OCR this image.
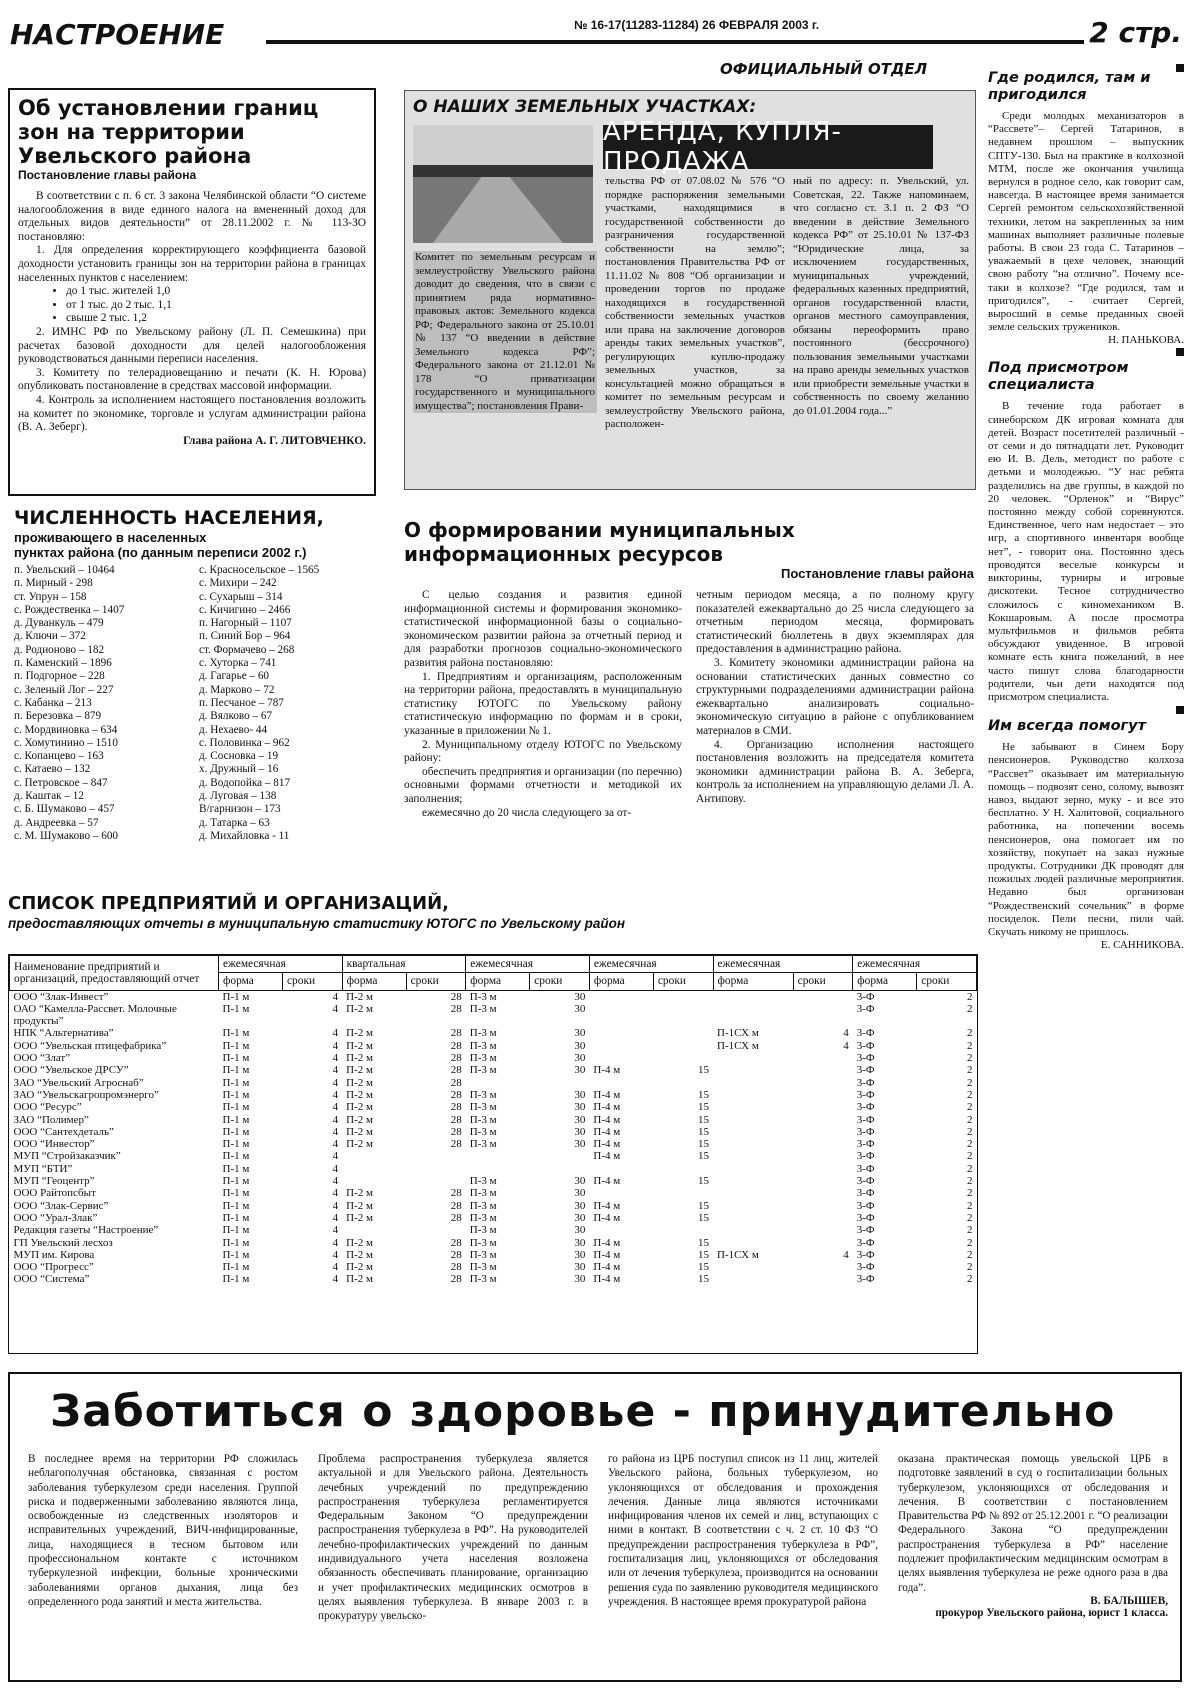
НАСТРОЕНИЕ	№ 16-17(11283-11284) 26 ФЕВРАЛЯ 2003 г.	2 стр.
ОФИЦИАЛЬНЫЙ ОТДЕЛ
Об установлении границ зон на территории Увельского района
Постановление главы района

В соответствии с п. 6 ст. 3 закона Челябинской области “О системе налогообложения в виде единого налога на вмененный доход для отдельных видов деятельности” от 28.11.2002 г. № 113-ЗО постановляю:

1. Для определения корректирующего коэффициента базовой доходности установить границы зон на территории района в границах населенных пунктов с населением:

• до 1 тыс. жителей 1,0
• от 1 тыс. до 2 тыс. 1,1
• свыше 2 тыс. 1,2

2. ИМНС РФ по Увельскому району (Л. П. Семешкина) при расчетах базовой доходности для целей налогообложения руководствоваться данными переписи населения.

3. Комитету по телерадиовещанию и печати (К. Н. Юрова) опубликовать постановление в средствах массовой информации.

4. Контроль за исполнением настоящего постановления возложить на комитет по экономике, торговле и услугам администрации района (В. А. Зеберг).

Глава района А. Г. ЛИТОВЧЕНКО.
ЧИСЛЕННОСТЬ НАСЕЛЕНИЯ,
проживающего в населенных
пунктах района (по данным переписи 2002 г.)
п. Увельский – 10464
п. Мирный - 298
ст. Упрун – 158
с. Рождественка – 1407
д. Дуванкуль – 479
д. Ключи – 372
д. Родионово – 182
п. Каменский – 1896
п. Подгорное – 228
с. Зеленый Лог – 227
с. Кабанка – 213
п. Березовка – 879
с. Мордвиновка – 634
с. Хомутинино – 1510
с. Копанцево – 163
с. Катаево – 132
с. Петровское – 847
д. Каштак – 12
с. Б. Шумаково – 457
д. Андреевка – 57
с. М. Шумаково – 600
с. Красносельское – 1565
с. Михири – 242
с. Сухарыш – 314
с. Кичигино – 2466
п. Нагорный – 1107
п. Синий Бор – 964
ст. Формачево – 268
с. Хуторка – 741
д. Гагарье – 60
д. Марково – 72
п. Песчаное – 787
д. Вялково – 67
д. Нехаево- 44
с. Половинка – 962
д. Сосновка – 19
х. Дружный – 16
д. Водопойка – 817
д. Луговая – 138
В/гарнизон – 173
д. Татарка – 63
д. Михайловка - 11
О НАШИХ ЗЕМЕЛЬНЫХ УЧАСТКАХ:
АРЕНДА, КУПЛЯ-ПРОДАЖА
Комитет по земельным ресурсам и землеустройству Увельского района доводит до сведения, что в связи с принятием ряда нормативно-правовых актов: Земельного кодекса РФ; Федерального закона от 25.10.01 № 137 “О введении в действие Земельного кодекса РФ”; Федерального закона от 21.12.01 № 178 “О приватизации государственного и муниципального имущества”; постановления Прави-
тельства РФ от 07.08.02 № 576 “О порядке распоряжения земельными участками, находящимися в государственной собственности до разграничения государственной собственности на землю”; постановления Правительства РФ от 11.11.02 № 808 “Об организации и проведении торгов по продаже находящихся в государственной собственности земельных участков или права на заключение договоров аренды таких земельных участков”, регулирующих куплю-продажу земельных участков, за консультацией можно обращаться в комитет по земельным ресурсам и землеустройству Увельского района, расположен-
ный по адресу: п. Увельский, ул. Советская, 22. Также напоминаем, что согласно ст. 3.1 п. 2 ФЗ “О введении в действие Земельного кодекса РФ” от 25.10.01 № 137-ФЗ “Юридические лица, за исключением государственных, муниципальных учреждений, федеральных казенных предприятий, органов государственной власти, органов местного самоуправления, обязаны переоформить право постоянного (бессрочного) пользования земельными участками на право аренды земельных участков или приобрести земельные участки в собственность по своему желанию до 01.01.2004 года...”
О формировании муниципальных информационных ресурсов
Постановление главы района

С целью создания и развития единой информационной системы и формирования экономико-статистической информационной базы о социально-экономическом развитии района за отчетный период и для разработки прогнозов социально-экономического развития района постановляю:

1. Предприятиям и организациям, расположенным на территории района, предоставлять в муниципальную статистику ЮТОГС по Увельскому району статистическую информацию по формам и в сроки, указанные в приложении № 1.

2. Муниципальному отделу ЮТОГС по Увельскому району:

обеспечить предприятия и организации (по перечню) основными формами отчетности и методикой их заполнения;

ежемесячно до 20 числа следующего за от-

четным периодом месяца, а по полному кругу показателей ежеквартально до 25 числа следующего за отчетным периодом месяца, формировать статистический бюллетень в двух экземплярах для предоставления в администрацию района.

3. Комитету экономики администрации района на основании статистических данных совместно со структурными подразделениями администрации района ежеквартально анализировать социально-экономическую ситуацию в районе с опубликованием материалов в СМИ.

4. Организацию исполнения настоящего постановления возложить на председателя комитета экономики администрации района В. А. Зеберга, контроль за исполнением на управляющую делами Л. А. Антипову.

СПИСОК ПРЕДПРИЯТИЙ И ОРГАНИЗАЦИЙ,
предоставляющих отчеты в муниципальную статистику ЮТОГС по Увельскому район
Наименование предприятий и организаций, предоставляющий отчет	ежемесячная		квартальная		ежемесячная		ежемесячная		ежемесячная		ежемесячная	
	форма	сроки	форма	сроки	форма	сроки	форма	сроки	форма	сроки	форма	сроки
ООО “Злак-Инвест”	П-1 м	4	П-2 м	28	П-3 м	30					3-Ф	2
ОАО “Камелла-Рассвет. Молочные продукты”	П-1 м	4	П-2 м	28	П-3 м	30					3-Ф	2
НПК “Альтернатива”	П-1 м	4	П-2 м	28	П-3 м	30			П-1СХ м	4	3-Ф	2
ООО “Увельская птицефабрика”	П-1 м	4	П-2 м	28	П-3 м	30			П-1СХ м	4	3-Ф	2
ООО “Злат”	П-1 м	4	П-2 м	28	П-3 м	30					3-Ф	2
ООО “Увельское ДРСУ”	П-1 м	4	П-2 м	28	П-3 м	30	П-4 м	15			3-Ф	2
ЗАО “Увельский Агроснаб”	П-1 м	4	П-2 м	28							3-Ф	2
ЗАО “Увельскагропромэнерго”	П-1 м	4	П-2 м	28	П-3 м	30	П-4 м	15			3-Ф	2
ООО “Ресурс”	П-1 м	4	П-2 м	28	П-3 м	30	П-4 м	15			3-Ф	2
ЗАО “Полимер”	П-1 м	4	П-2 м	28	П-3 м	30	П-4 м	15			3-Ф	2
ООО “Сантехдеталь”	П-1 м	4	П-2 м	28	П-3 м	30	П-4 м	15			3-Ф	2
ООО “Инвестор”	П-1 м	4	П-2 м	28	П-3 м	30	П-4 м	15			3-Ф	2
МУП “Стройзаказчик”	П-1 м	4					П-4 м	15			3-Ф	2
МУП “БТИ”	П-1 м	4									3-Ф	2
МУП “Геоцентр”	П-1 м	4			П-3 м	30	П-4 м	15			3-Ф	2
ООО Райтопсбыт	П-1 м	4	П-2 м	28	П-3 м	30					3-Ф	2
ООО “Злак-Сервис”	П-1 м	4	П-2 м	28	П-3 м	30	П-4 м	15			3-Ф	2
ООО “Урал-Злак”	П-1 м	4	П-2 м	28	П-3 м	30	П-4 м	15			3-Ф	2
Редакция газеты “Настроение”	П-1 м	4			П-3 м	30					3-Ф	2
ГП Увельский лесхоз	П-1 м	4	П-2 м	28	П-3 м	30	П-4 м	15			3-Ф	2
МУП им. Кирова	П-1 м	4	П-2 м	28	П-3 м	30	П-4 м	15	П-1СХ м	4	3-Ф	2
ООО “Прогресс”	П-1 м	4	П-2 м	28	П-3 м	30	П-4 м	15			3-Ф	2
ООО “Система”	П-1 м	4	П-2 м	28	П-3 м	30	П-4 м	15			3-Ф	2
Где родился, там и пригодился
Среди молодых механизаторов в “Рассвете”– Сергей Татаринов, в недавнем прошлом – выпускник СПТУ-130. Был на практике в колхозной МТМ, после же окончания училища вернулся в родное село, как говорит сам, навсегда. В настоящее время занимается Сергей ремонтом сельскохозяйственной техники, летом на закрепленных за ним машинах выполняет различные полевые работы. В свои 23 года С. Татаринов – уважаемый в цехе человек, знающий свою работу “на отлично”. Почему все-таки в колхозе? “Где родился, там и пригодился”, - считает Сергей, выросший в семье преданных своей земле сельских тружеников.
Н. ПАНЬКОВА.
Под присмотром специалиста
В течение года работает в синеборском ДК игровая комната для детей. Возраст посетителей различный - от семи и до пятнадцати лет. Руководит ею И. В. Дель, методист по работе с детьми и молодежью. “У нас ребята разделились на две группы, в каждой по 20 человек. “Орленок” и “Вирус” постоянно между собой соревнуются. Единственное, чего нам недостает – это игр, а спортивного инвентаря вообще нет”, - говорит она. Постоянно здесь проводятся веселые конкурсы и викторины, турниры и игровые дискотеки. Тесное сотрудничество сложилось с киномехаником В. Кокшаровым. А после просмотра мультфильмов и фильмов ребята обсуждают увиденное. В игровой комнате есть книга пожеланий, в нее часто пишут слова благодарности родители, чьи дети находятся под присмотром специалиста.
Им всегда помогут
Не забывают в Синем Бору пенсионеров. Руководство колхоза “Рассвет” оказывает им материальную помощь – подвозят сено, солому, вывозят навоз, выдают зерно, муку - и все это бесплатно. У Н. Халитовой, социального работника, на попечении восемь пенсионеров, она помогает им по хозяйству, покупает на заказ нужные продукты. Сотрудники ДК проводят для пожилых людей различные мероприятия. Недавно был организован “Рождественский сочельник” в форме посиделок. Пели песни, пили чай. Скучать никому не пришлось.
Е. САННИКОВА.
Заботиться о здоровье - принудительно
В последнее время на территории РФ сложилась неблагополучная обстановка, связанная с ростом заболевания туберкулезом среди населения. Группой риска и подверженными заболеванию являются лица, освобожденные из следственных изоляторов и исправительных учреждений, ВИЧ-инфицированные, лица, находящиеся в тесном бытовом или профессиональном контакте с источником туберкулезной инфекции, больные хроническими заболеваниями органов дыхания, лица без определенного рода занятий и места жительства.
Проблема распространения туберкулеза является актуальной и для Увельского района. Деятельность лечебных учреждений по предупреждению распространения туберкулеза регламентируется Федеральным Законом “О предупреждении распространения туберкулеза в РФ”. На руководителей лечебно-профилактических учреждений по данным индивидуального учета населения возложена обязанность обеспечивать планирование, организацию и учет профилактических медицинских осмотров в целях выявления туберкулеза. В январе 2003 г. в прокуратуру увельско-
го района из ЦРБ поступил список из 11 лиц, жителей Увельского района, больных туберкулезом, но уклоняющихся от обследования и прохождения лечения. Данные лица являются источниками инфицирования членов их семей и лиц, вступающих с ними в контакт. В соответствии с ч. 2 ст. 10 ФЗ “О предупреждении распространения туберкулеза в РФ”, госпитализация лиц, уклоняющихся от обследования или от лечения туберкулеза, производится на основании решения суда по заявлению руководителя медицинского учреждения. В настоящее время прокуратурой района
оказана практическая помощь увельской ЦРБ в подготовке заявлений в суд о госпитализации больных туберкулезом, уклоняющихся от обследования и лечения. В соответствии с постановлением Правительства РФ № 892 от 25.12.2001 г. “О реализации Федерального Закона “О предупреждении распространения туберкулеза в РФ” население подлежит профилактическим медицинским осмотрам в целях выявления туберкулеза не реже одного раза в два года”.
В. БАЛЫШЕВ,
прокурор Увельского района, юрист 1 класса.
